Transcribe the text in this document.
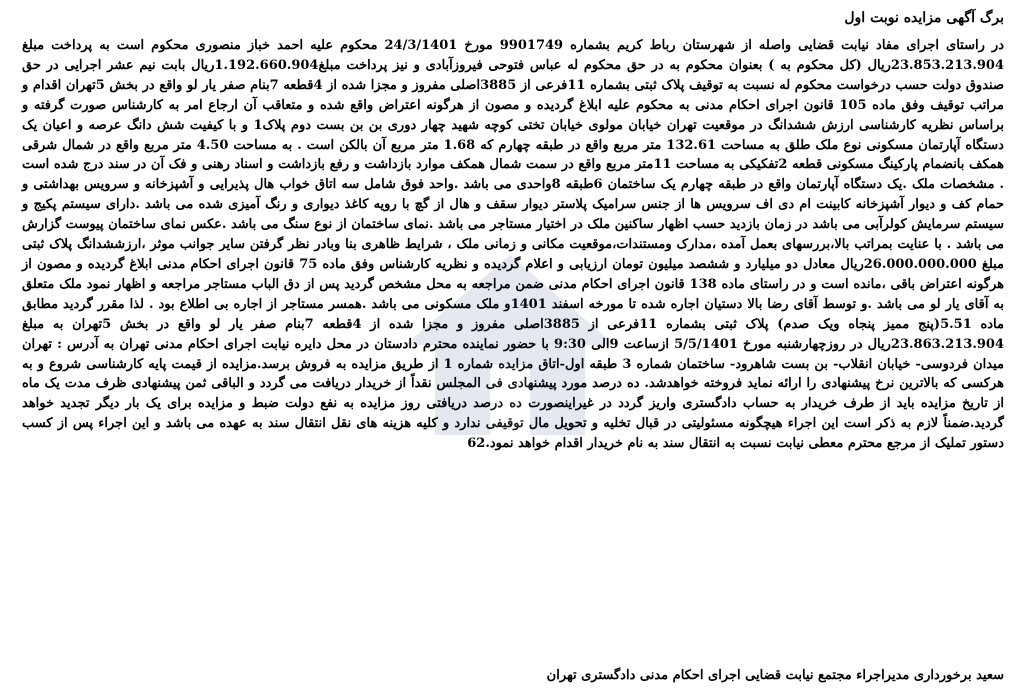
برگ آگهی مزایده نوبت اول

در راستای اجرای مفاد نیابت قضایی واصله از شهرستان رباط کریم بشماره 9901749 مورخ 24/3/1401 محکوم علیه احمد خباز منصوری محکوم است به پرداخت مبلغ 23.853.213.904ریال (کل محکوم به ) بعنوان محکوم به در حق محکوم له عباس فتوحی فیروزآبادی و نیز پرداخت مبلغ1.192.660.904ریال بابت نیم عشر اجرایی در حق صندوق دولت حسب درخواست محکوم له نسبت به توقیف پلاک ثبتی بشماره 11فرعی از 3885اصلی مفروز و مجزا شده از 4قطعه 7بنام صفر یار لو واقع در بخش 5تهران اقدام و مراتب توقیف وفق ماده 105 قانون اجرای احکام مدنی به محکوم علیه ابلاغ گردیده و مصون از هرگونه اعتراض واقع شده و متعاقب آن ارجاع امر به کارشناس صورت گرفته و براساس نظریه کارشناسی ارزش ششدانگ در موقعیت تهران خیابان مولوی خیابان تختی کوچه شهید چهار دوری بن بن بست دوم پلاک1 و با کیفیت شش دانگ عرصه و اعیان یک دستگاه آپارتمان مسکونی نوع ملک طلق به مساحت 132.61 متر مربع واقع در طبقه چهارم که 1.68 متر مربع آن بالکن است . به مساحت 4.50 متر مربع واقع در شمال شرقی همکف بانضمام پارکینگ مسکونی قطعه 2تفکیکی به مساحت 11متر مربع واقع در سمت شمال همکف موارد بازداشت و رفع بازداشت و اسناد رهنی و فک آن در سند درج شده است . مشخصات ملک .یک دستگاه آپارتمان واقع در طبقه چهارم یک ساختمان 6طبقه 8واحدی می باشد .واحد فوق شامل سه اتاق خواب هال پذیرایی و آشپزخانه و سرویس بهداشتی و حمام کف و دیوار آشپزخانه کابینت ام دی اف سرویس ها از جنس سرامیک پلاستر دیوار سقف و هال از گچ با رویه کاغذ دیواری و رنگ آمیزی شده می باشد .دارای سیستم پکیج و سیستم سرمایش کولرآبی می باشد در زمان بازدید حسب اظهار ساکنین ملک در اختیار مستاجر می باشد .نمای ساختمان از نوع سنگ می باشد .عکس نمای ساختمان پیوست گزارش می باشد . با عنایت بمراتب بالا،بررسهای بعمل آمده ،مدارک ومستندات،موقعیت مکانی و زمانی ملک ، شرایط ظاهری بنا وبادر نظر گرفتن سایر جوانب موثر ،ارزششدانگ پلاک ثبتی مبلغ 26.000.000.000ریال معادل دو میلیارد و ششصد میلیون تومان ارزیابی و اعلام گردیده و نظریه کارشناس وفق ماده 75 قانون اجرای احکام مدنی ابلاغ گردیده و مصون از هرگونه اعتراض باقی ،مانده است و در راستای ماده 138 قانون اجرای احکام مدنی ضمن مراجعه به محل مشخص گردید پس از دق الباب مستاجر مراجعه و اظهار نمود ملک متعلق به آقای یار لو می باشد .و توسط آقای رضا بالا دستیان اجاره شده تا مورخه اسفند 1401و ملک مسکونی می باشد .همسر مستاجر از اجاره بی اطلاع بود . لذا مقرر گردید مطابق ماده 5.51(پنج ممیز پنجاه ویک صدم) پلاک ثبتی بشماره 11فرعی از 3885اصلی مفروز و مجزا شده از 4قطعه 7بنام صفر یار لو واقع در بخش 5تهران به مبلغ 23.863.213.904ریال در روزچهارشنبه مورخ 5/5/1401 ازساعت 9الی 9:30 با حضور نماینده محترم دادستان در محل دایره نیابت اجرای احکام مدنی تهران به آدرس : تهران میدان فردوسی- خیابان انقلاب- بن بست شاهرود- ساختمان شماره 3 طبقه اول-اتاق مزایده شماره 1 از طریق مزایده به فروش برسد.مزایده از قیمت پایه کارشناسی شروع و به هرکسی که بالاترین نرخ پیشنهادی را ارائه نماید فروخته خواهدشد. ده درصد مورد پیشنهادی فی المجلس نقداً از خریدار دریافت می گردد و الباقی ثمن پیشنهادی ظرف مدت یک ماه از تاریخ مزایده باید از طرف خریدار به حساب دادگستری واریز گردد در غیراینصورت ده درصد دریافتی روز مزایده به نفع دولت ضبط و مزایده برای یک بار دیگر تجدید خواهد گردید.ضمناً لازم به ذکر است این اجراء هیچگونه مسئولیتی در قبال تخلیه و تحویل مال توقیفی ندارد و کلیه هزینه های نقل انتقال سند به عهده می باشد و این اجراء پس از کسب دستور تملیک از مرجع محترم معطی نیابت نسبت به انتقال سند به نام خریدار اقدام خواهد نمود.62

سعید برخورداری مدیراجراء مجتمع نیابت قضایی اجرای احکام مدنی دادگستری تهران
